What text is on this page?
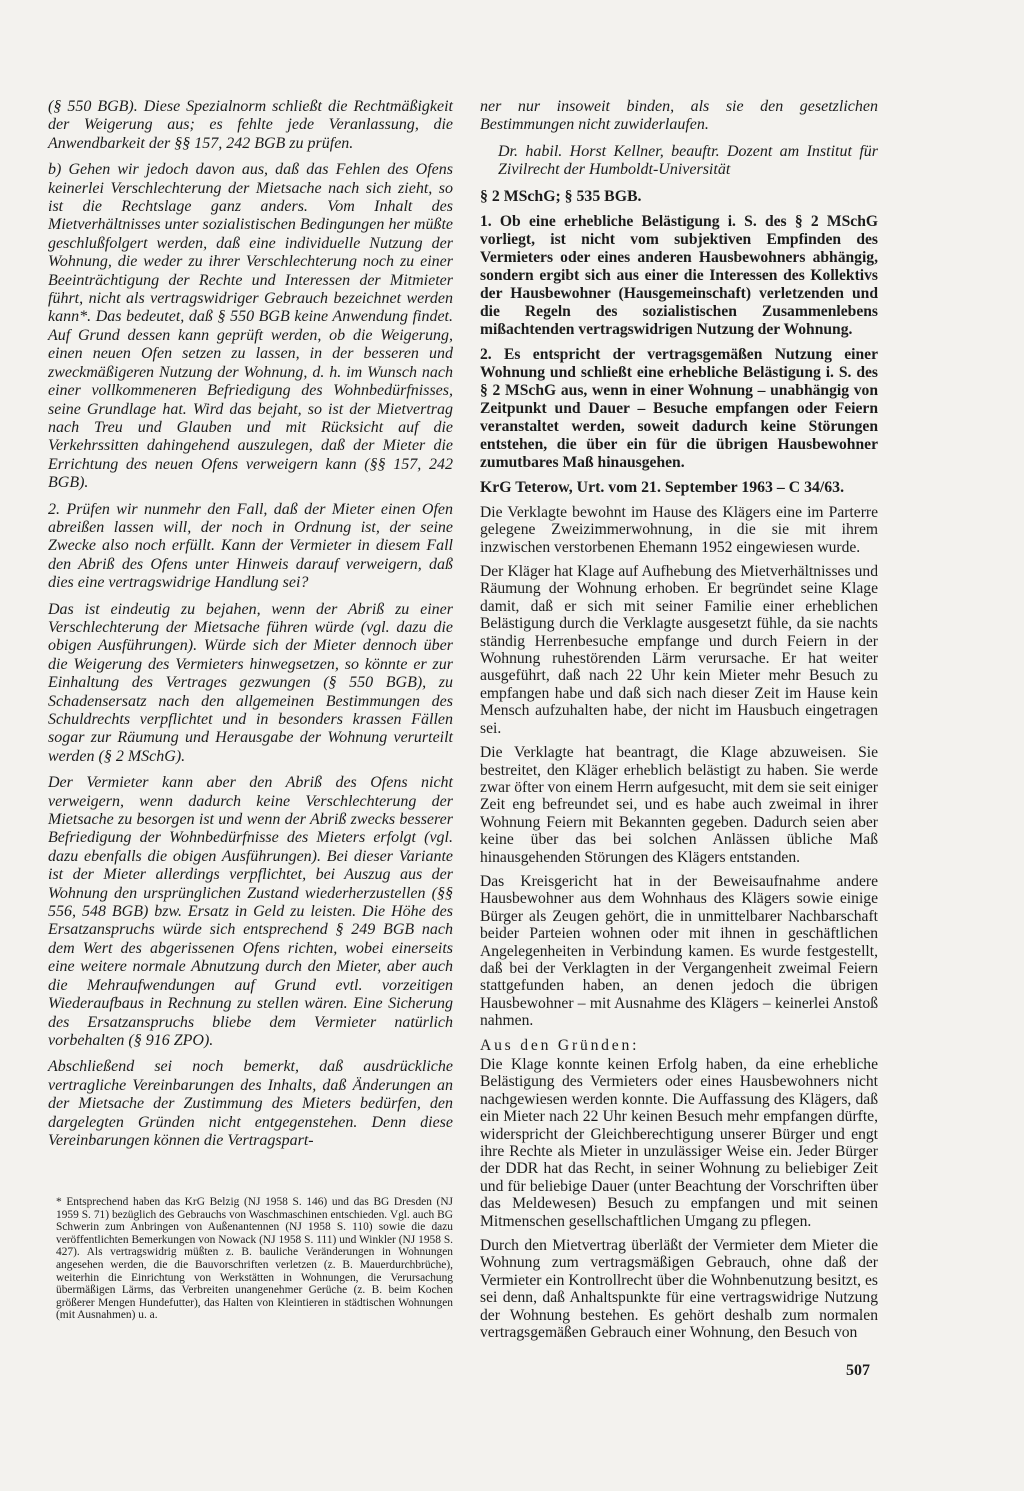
(§ 550 BGB). Diese Spezialnorm schließt die Rechtmäßigkeit der Weigerung aus; es fehlte jede Veranlassung, die Anwendbarkeit der §§ 157, 242 BGB zu prüfen.

b) Gehen wir jedoch davon aus, daß das Fehlen des Ofens keinerlei Verschlechterung der Mietsache nach sich zieht, so ist die Rechtslage ganz anders. Vom Inhalt des Mietverhältnisses unter sozialistischen Bedingungen her müßte geschlußfolgert werden, daß eine individuelle Nutzung der Wohnung, die weder zu ihrer Verschlechterung noch zu einer Beeinträchtigung der Rechte und Interessen der Mitmieter führt, nicht als vertragswidriger Gebrauch bezeichnet werden kann*. Das bedeutet, daß § 550 BGB keine Anwendung findet. Auf Grund dessen kann geprüft werden, ob die Weigerung, einen neuen Ofen setzen zu lassen, in der besseren und zweckmäßigeren Nutzung der Wohnung, d. h. im Wunsch nach einer vollkommeneren Befriedigung des Wohnbedürfnisses, seine Grundlage hat. Wird das bejaht, so ist der Mietvertrag nach Treu und Glauben und mit Rücksicht auf die Verkehrssitten dahingehend auszulegen, daß der Mieter die Errichtung des neuen Ofens verweigern kann (§§ 157, 242 BGB).

2. Prüfen wir nunmehr den Fall, daß der Mieter einen Ofen abreißen lassen will, der noch in Ordnung ist, der seine Zwecke also noch erfüllt. Kann der Vermieter in diesem Fall den Abriß des Ofens unter Hinweis darauf verweigern, daß dies eine vertragswidrige Handlung sei?

Das ist eindeutig zu bejahen, wenn der Abriß zu einer Verschlechterung der Mietsache führen würde (vgl. dazu die obigen Ausführungen). Würde sich der Mieter dennoch über die Weigerung des Vermieters hinwegsetzen, so könnte er zur Einhaltung des Vertrages gezwungen (§ 550 BGB), zu Schadensersatz nach den allgemeinen Bestimmungen des Schuldrechts verpflichtet und in besonders krassen Fällen sogar zur Räumung und Herausgabe der Wohnung verurteilt werden (§ 2 MSchG).

Der Vermieter kann aber den Abriß des Ofens nicht verweigern, wenn dadurch keine Verschlechterung der Mietsache zu besorgen ist und wenn der Abriß zwecks besserer Befriedigung der Wohnbedürfnisse des Mieters erfolgt (vgl. dazu ebenfalls die obigen Ausführungen). Bei dieser Variante ist der Mieter allerdings verpflichtet, bei Auszug aus der Wohnung den ursprünglichen Zustand wiederherzustellen (§§ 556, 548 BGB) bzw. Ersatz in Geld zu leisten. Die Höhe des Ersatzanspruchs würde sich entsprechend § 249 BGB nach dem Wert des abgerissenen Ofens richten, wobei einerseits eine weitere normale Abnutzung durch den Mieter, aber auch die Mehraufwendungen auf Grund evtl. vorzeitigen Wiederaufbaus in Rechnung zu stellen wären. Eine Sicherung des Ersatzanspruchs bliebe dem Vermieter natürlich vorbehalten (§ 916 ZPO).

Abschließend sei noch bemerkt, daß ausdrückliche vertragliche Vereinbarungen des Inhalts, daß Änderungen an der Mietsache der Zustimmung des Mieters bedürfen, den dargelegten Gründen nicht entgegenstehen. Denn diese Vereinbarungen können die Vertragspart-

* Entsprechend haben das KrG Belzig (NJ 1958 S. 146) und das BG Dresden (NJ 1959 S. 71) bezüglich des Gebrauchs von Waschmaschinen entschieden. Vgl. auch BG Schwerin zum Anbringen von Außenantennen (NJ 1958 S. 110) sowie die dazu veröffentlichten Bemerkungen von Nowack (NJ 1958 S. 111) und Winkler (NJ 1958 S. 427). Als vertragswidrig müßten z. B. bauliche Veränderungen in Wohnungen angesehen werden, die die Bauvorschriften verletzen (z. B. Mauerdurchbrüche), weiterhin die Einrichtung von Werkstätten in Wohnungen, die Verursachung übermäßigen Lärms, das Verbreiten unangenehmer Gerüche (z. B. beim Kochen größerer Mengen Hundefutter), das Halten von Kleintieren in städtischen Wohnungen (mit Ausnahmen) u. a.

ner nur insoweit binden, als sie den gesetzlichen Bestimmungen nicht zuwiderlaufen.

Dr. habil. Horst Kellner, beauftr. Dozent am Institut für Zivilrecht der Humboldt-Universität

§ 2 MSchG; § 535 BGB.

1. Ob eine erhebliche Belästigung i. S. des § 2 MSchG vorliegt, ist nicht vom subjektiven Empfinden des Vermieters oder eines anderen Hausbewohners abhängig, sondern ergibt sich aus einer die Interessen des Kollektivs der Hausbewohner (Hausgemeinschaft) verletzenden und die Regeln des sozialistischen Zusammenlebens mißachtenden vertragswidrigen Nutzung der Wohnung.

2. Es entspricht der vertragsgemäßen Nutzung einer Wohnung und schließt eine erhebliche Belästigung i. S. des § 2 MSchG aus, wenn in einer Wohnung – unabhängig von Zeitpunkt und Dauer – Besuche empfangen oder Feiern veranstaltet werden, soweit dadurch keine Störungen entstehen, die über ein für die übrigen Hausbewohner zumutbares Maß hinausgehen.

KrG Teterow, Urt. vom 21. September 1963 – C 34/63.

Die Verklagte bewohnt im Hause des Klägers eine im Parterre gelegene Zweizimmerwohnung, in die sie mit ihrem inzwischen verstorbenen Ehemann 1952 eingewiesen wurde.

Der Kläger hat Klage auf Aufhebung des Mietverhältnisses und Räumung der Wohnung erhoben. Er begründet seine Klage damit, daß er sich mit seiner Familie einer erheblichen Belästigung durch die Verklagte ausgesetzt fühle, da sie nachts ständig Herrenbesuche empfange und durch Feiern in der Wohnung ruhestörenden Lärm verursache. Er hat weiter ausgeführt, daß nach 22 Uhr kein Mieter mehr Besuch zu empfangen habe und daß sich nach dieser Zeit im Hause kein Mensch aufzuhalten habe, der nicht im Hausbuch eingetragen sei.

Die Verklagte hat beantragt, die Klage abzuweisen. Sie bestreitet, den Kläger erheblich belästigt zu haben. Sie werde zwar öfter von einem Herrn aufgesucht, mit dem sie seit einiger Zeit eng befreundet sei, und es habe auch zweimal in ihrer Wohnung Feiern mit Bekannten gegeben. Dadurch seien aber keine über das bei solchen Anlässen übliche Maß hinausgehenden Störungen des Klägers entstanden.

Das Kreisgericht hat in der Beweisaufnahme andere Hausbewohner aus dem Wohnhaus des Klägers sowie einige Bürger als Zeugen gehört, die in unmittelbarer Nachbarschaft beider Parteien wohnen oder mit ihnen in geschäftlichen Angelegenheiten in Verbindung kamen. Es wurde festgestellt, daß bei der Verklagten in der Vergangenheit zweimal Feiern stattgefunden haben, an denen jedoch die übrigen Hausbewohner – mit Ausnahme des Klägers – keinerlei Anstoß nahmen.

Aus den Gründen:

Die Klage konnte keinen Erfolg haben, da eine erhebliche Belästigung des Vermieters oder eines Hausbewohners nicht nachgewiesen werden konnte. Die Auffassung des Klägers, daß ein Mieter nach 22 Uhr keinen Besuch mehr empfangen dürfte, widerspricht der Gleichberechtigung unserer Bürger und engt ihre Rechte als Mieter in unzulässiger Weise ein. Jeder Bürger der DDR hat das Recht, in seiner Wohnung zu beliebiger Zeit und für beliebige Dauer (unter Beachtung der Vorschriften über das Meldewesen) Besuch zu empfangen und mit seinen Mitmenschen gesellschaftlichen Umgang zu pflegen.

Durch den Mietvertrag überläßt der Vermieter dem Mieter die Wohnung zum vertragsmäßigen Gebrauch, ohne daß der Vermieter ein Kontrollrecht über die Wohnbenutzung besitzt, es sei denn, daß Anhaltspunkte für eine vertragswidrige Nutzung der Wohnung bestehen. Es gehört deshalb zum normalen vertragsgemäßen Gebrauch einer Wohnung, den Besuch von

507
